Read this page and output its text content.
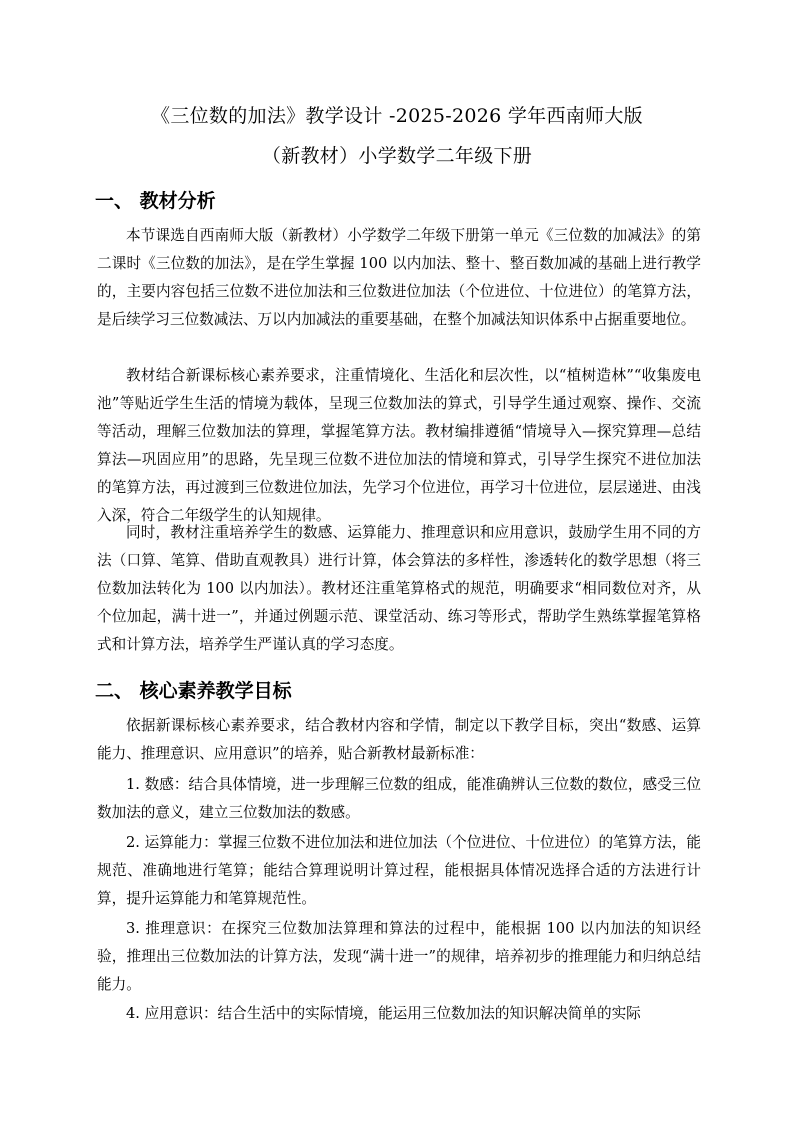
《三位数的加法》教学设计 -2025-2026 学年西南师大版
（新教材）小学数学二年级下册
一、 教材分析

本节课选自西南师大版（新教材）小学数学二年级下册第一单元《三位数的加减法》的第二课时《三位数的加法》，是在学生掌握 100 以内加法、整十、整百数加减的基础上进行教学的，主要内容包括三位数不进位加法和三位数进位加法（个位进位、十位进位）的笔算方法，是后续学习三位数减法、万以内加减法的重要基础，在整个加减法知识体系中占据重要地位。

教材结合新课标核心素养要求，注重情境化、生活化和层次性，以“植树造林”“收集废电池”等贴近学生生活的情境为载体，呈现三位数加法的算式，引导学生通过观察、操作、交流等活动，理解三位数加法的算理，掌握笔算方法。教材编排遵循“情境导入—探究算理—总结算法—巩固应用”的思路，先呈现三位数不进位加法的情境和算式，引导学生探究不进位加法的笔算方法，再过渡到三位数进位加法，先学习个位进位，再学习十位进位，层层递进、由浅入深，符合二年级学生的认知规律。

同时，教材注重培养学生的数感、运算能力、推理意识和应用意识，鼓励学生用不同的方法（口算、笔算、借助直观教具）进行计算，体会算法的多样性，渗透转化的数学思想（将三位数加法转化为 100 以内加法）。教材还注重笔算格式的规范，明确要求“相同数位对齐，从个位加起，满十进一”，并通过例题示范、课堂活动、练习等形式，帮助学生熟练掌握笔算格式和计算方法，培养学生严谨认真的学习态度。

二、 核心素养教学目标

依据新课标核心素养要求，结合教材内容和学情，制定以下教学目标，突出“数感、运算能力、推理意识、应用意识”的培养，贴合新教材最新标准：

1. 数感：结合具体情境，进一步理解三位数的组成，能准确辨认三位数的数位，感受三位数加法的意义，建立三位数加法的数感。

2. 运算能力：掌握三位数不进位加法和进位加法（个位进位、十位进位）的笔算方法，能规范、准确地进行笔算；能结合算理说明计算过程，能根据具体情况选择合适的方法进行计算，提升运算能力和笔算规范性。

3. 推理意识：在探究三位数加法算理和算法的过程中，能根据 100 以内加法的知识经验，推理出三位数加法的计算方法，发现“满十进一”的规律，培养初步的推理能力和归纳总结能力。

4. 应用意识：结合生活中的实际情境，能运用三位数加法的知识解决简单的实际
